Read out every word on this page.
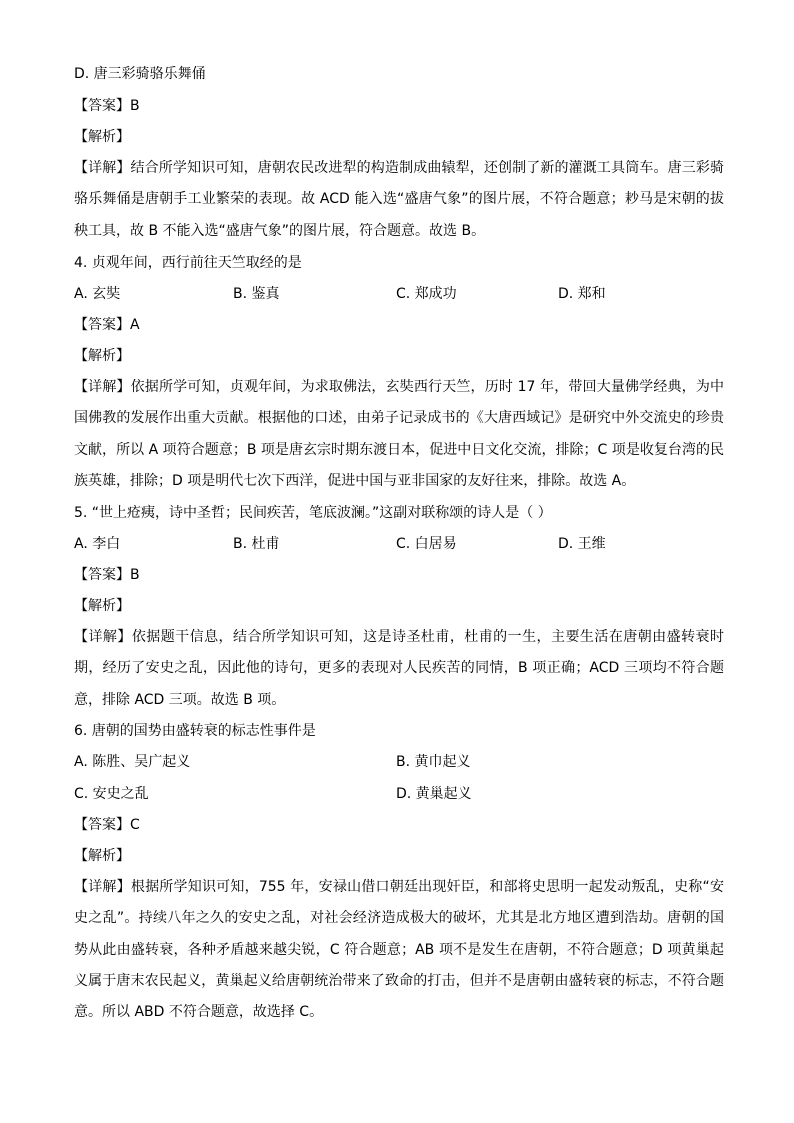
D. 唐三彩骑骆乐舞俑
【答案】B
【解析】
【详解】结合所学知识可知，唐朝农民改进犁的构造制成曲辕犁，还创制了新的灌溉工具筒车。唐三彩骑骆乐舞俑是唐朝手工业繁荣的表现。故 ACD 能入选“盛唐气象”的图片展，不符合题意；耖马是宋朝的拔秧工具，故 B 不能入选“盛唐气象”的图片展，符合题意。故选 B。
4. 贞观年间，西行前往天竺取经的是
A. 玄奘	B. 鉴真	C. 郑成功	D. 郑和
【答案】A
【解析】
【详解】依据所学可知，贞观年间，为求取佛法，玄奘西行天竺，历时 17 年，带回大量佛学经典，为中国佛教的发展作出重大贡献。根据他的口述，由弟子记录成书的《大唐西域记》是研究中外交流史的珍贵文献，所以 A 项符合题意；B 项是唐玄宗时期东渡日本，促进中日文化交流，排除；C 项是收复台湾的民族英雄，排除；D 项是明代七次下西洋，促进中国与亚非国家的友好往来，排除。故选 A。
5. “世上疮痍，诗中圣哲；民间疾苦，笔底波澜。”这副对联称颂的诗人是（ ）
A. 李白	B. 杜甫	C. 白居易	D. 王维
【答案】B
【解析】
【详解】依据题干信息，结合所学知识可知，这是诗圣杜甫，杜甫的一生，主要生活在唐朝由盛转衰时期，经历了安史之乱，因此他的诗句，更多的表现对人民疾苦的同情，B 项正确；ACD 三项均不符合题意，排除 ACD 三项。故选 B 项。
6. 唐朝的国势由盛转衰的标志性事件是
A. 陈胜、吴广起义	B. 黄巾起义
C. 安史之乱	D. 黄巢起义
【答案】C
【解析】
【详解】根据所学知识可知，755 年，安禄山借口朝廷出现奸臣，和部将史思明一起发动叛乱，史称“安史之乱”。持续八年之久的安史之乱，对社会经济造成极大的破坏，尤其是北方地区遭到浩劫。唐朝的国势从此由盛转衰，各种矛盾越来越尖锐，C 符合题意；AB 项不是发生在唐朝，不符合题意；D 项黄巢起义属于唐末农民起义，黄巢起义给唐朝统治带来了致命的打击，但并不是唐朝由盛转衰的标志，不符合题意。所以 ABD 不符合题意，故选择 C。
